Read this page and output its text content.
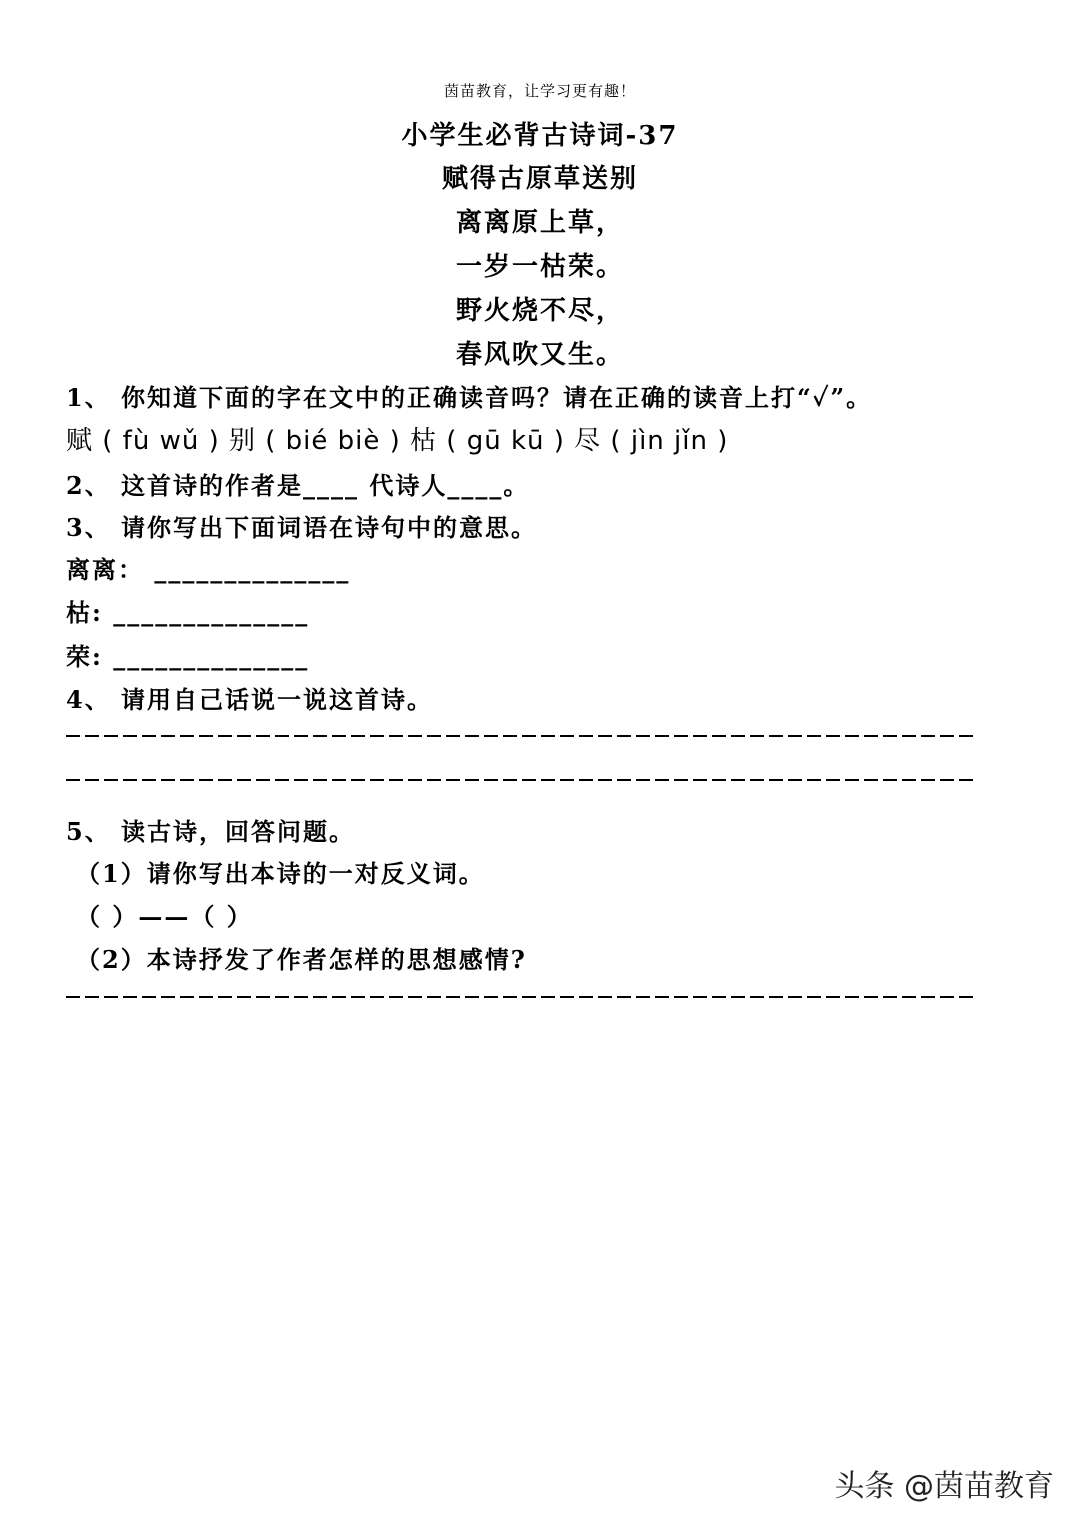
茵苗教育，让学习更有趣！
小学生必背古诗词-37
赋得古原草送别
离离原上草，
一岁一枯荣。
野火烧不尽，
春风吹又生。
1、 你知道下面的字在文中的正确读音吗？请在正确的读音上打“✓”。
赋 ( fù wǔ ) 别 ( bié biè ) 枯 ( gū kū ) 尽 ( jìn jǐn )
2、 这首诗的作者是____ 代诗人____。
3、 请你写出下面词语在诗句中的意思。
离离： ______________
枯: ______________
荣: ______________
4、 请用自己话说一说这首诗。
5、 读古诗，回答问题。
（1）请你写出本诗的一对反义词。
（ ）——（ ）
（2）本诗抒发了作者怎样的思想感情?
头条 @茵苗教育
